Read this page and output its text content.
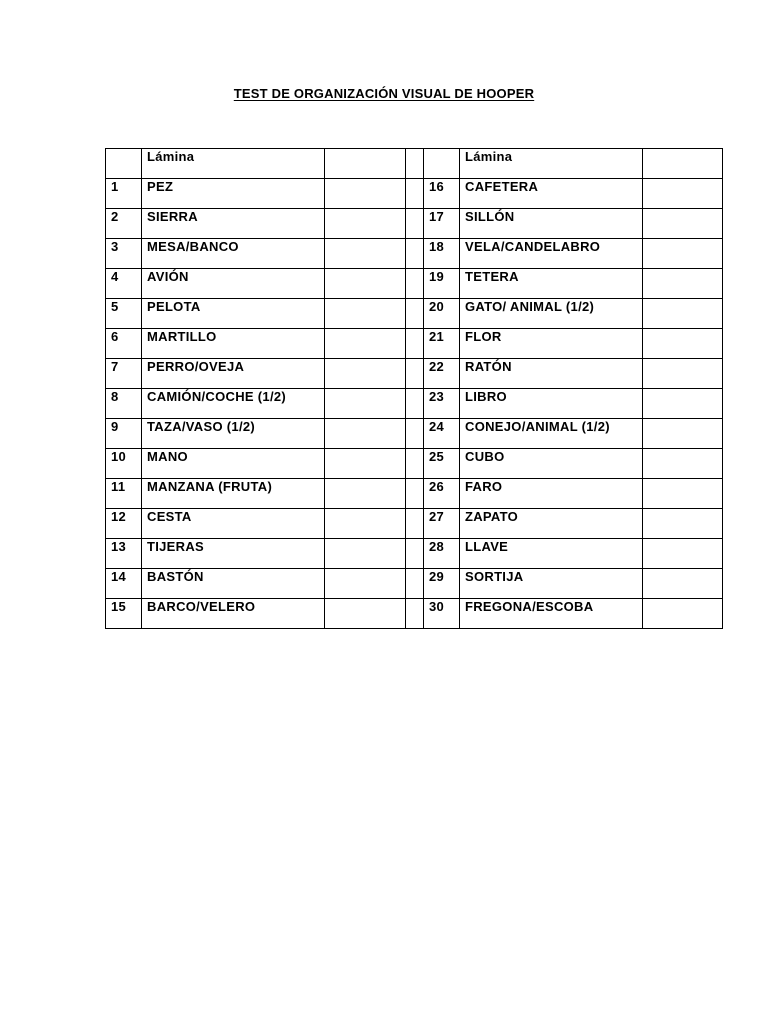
TEST DE ORGANIZACIÓN VISUAL DE HOOPER
	Lámina				Lámina	
1	PEZ			16	CAFETERA	
2	SIERRA			17	SILLÓN	
3	MESA/BANCO			18	VELA/CANDELABRO	
4	AVIÓN			19	TETERA	
5	PELOTA			20	GATO/ ANIMAL (1/2)	
6	MARTILLO			21	FLOR	
7	PERRO/OVEJA			22	RATÓN	
8	CAMIÓN/COCHE (1/2)			23	LIBRO	
9	TAZA/VASO (1/2)			24	CONEJO/ANIMAL (1/2)	
10	MANO			25	CUBO	
11	MANZANA (FRUTA)			26	FARO	
12	CESTA			27	ZAPATO	
13	TIJERAS			28	LLAVE	
14	BASTÓN			29	SORTIJA	
15	BARCO/VELERO			30	FREGONA/ESCOBA	
